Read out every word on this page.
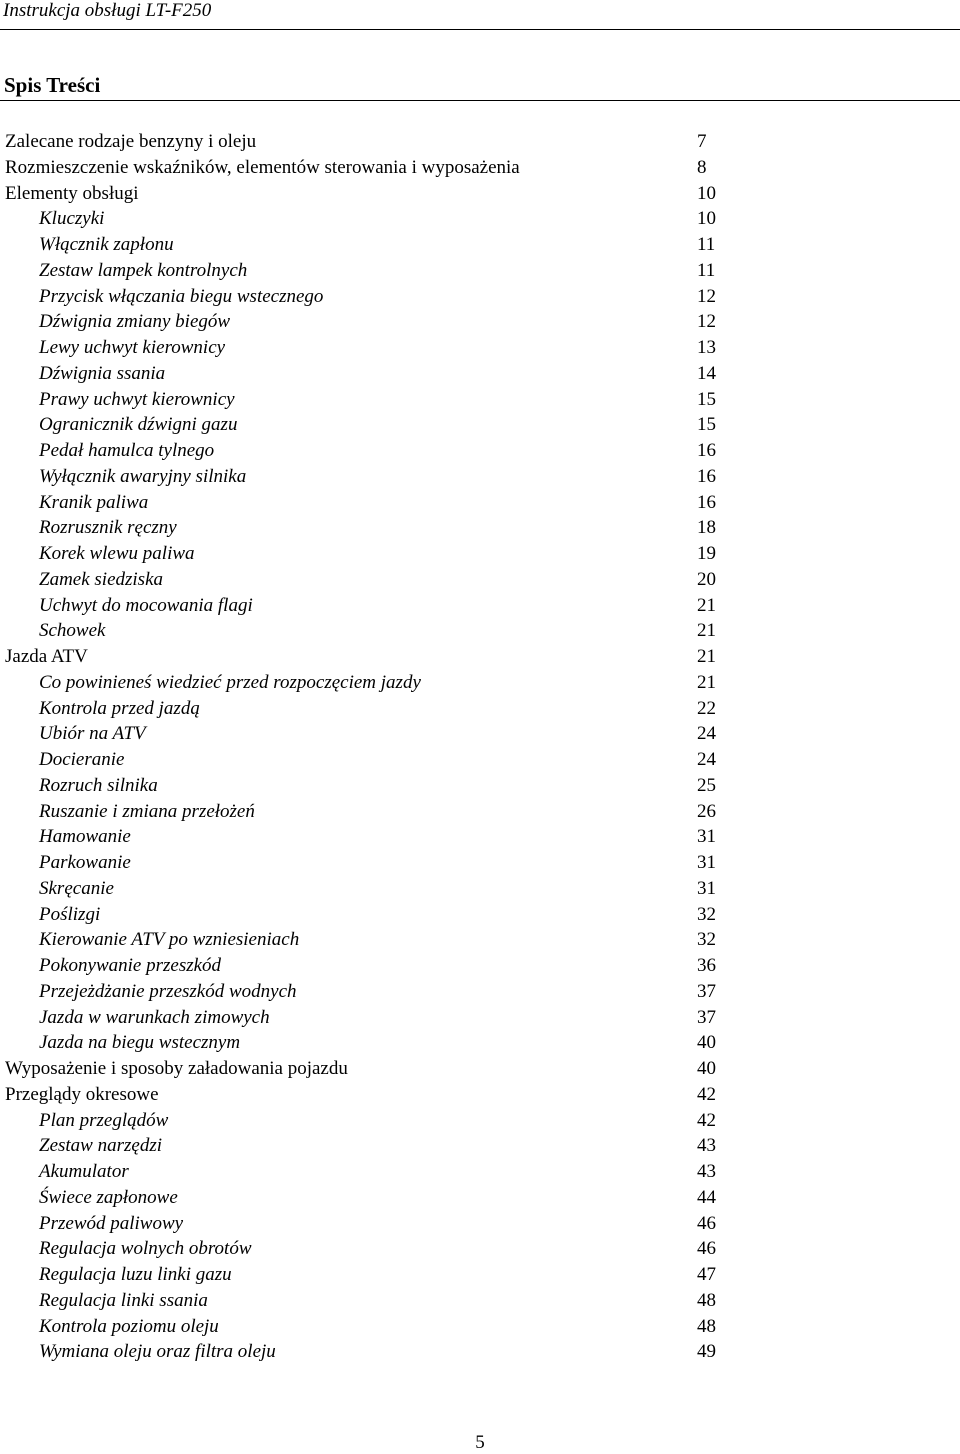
Instrukcja obsługi LT-F250
Spis Treści
Zalecane rodzaje benzyny i oleju	7
Rozmieszczenie wskaźników, elementów sterowania i wyposażenia	8
Elementy obsługi	10
Kluczyki	10
Włącznik zapłonu	11
Zestaw lampek kontrolnych	11
Przycisk włączania biegu wstecznego	12
Dźwignia zmiany biegów	12
Lewy uchwyt kierownicy	13
Dźwignia ssania	14
Prawy uchwyt kierownicy	15
Ogranicznik dźwigni gazu	15
Pedał hamulca tylnego	16
Wyłącznik awaryjny silnika	16
Kranik paliwa	16
Rozrusznik ręczny	18
Korek wlewu paliwa	19
Zamek siedziska	20
Uchwyt do mocowania flagi	21
Schowek	21
Jazda ATV	21
Co powinieneś wiedzieć przed rozpoczęciem jazdy	21
Kontrola przed jazdą	22
Ubiór na ATV	24
Docieranie	24
Rozruch silnika	25
Ruszanie i zmiana przełożeń	26
Hamowanie	31
Parkowanie	31
Skręcanie	31
Poślizgi	32
Kierowanie ATV po wzniesieniach	32
Pokonywanie przeszkód	36
Przejeżdżanie przeszkód wodnych	37
Jazda w warunkach zimowych	37
Jazda na biegu wstecznym	40
Wyposażenie i sposoby załadowania pojazdu	40
Przeglądy okresowe	42
Plan przeglądów	42
Zestaw narzędzi	43
Akumulator	43
Świece zapłonowe	44
Przewód paliwowy	46
Regulacja wolnych obrotów	46
Regulacja luzu linki gazu	47
Regulacja linki ssania	48
Kontrola poziomu oleju	48
Wymiana oleju oraz filtra oleju	49
5
